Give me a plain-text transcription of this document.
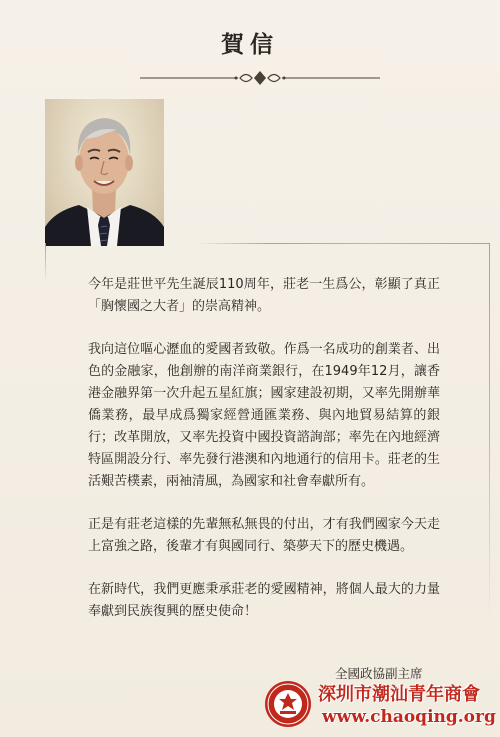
賀信

今年是莊世平先生誕辰110周年，莊老一生爲公，彰顯了真正「胸懷國之大者」的崇高精神。

我向這位嘔心瀝血的愛國者致敬。作爲一名成功的創業者、出色的金融家，他創辦的南洋商業銀行，在1949年12月，讓香港金融界第一次升起五星紅旗；國家建設初期，又率先開辦華僑業務，最早成爲獨家經營通匯業務、與內地貿易結算的銀行；改革開放，又率先投資中國投資諮詢部；率先在內地經濟特區開設分行、率先發行港澳和內地通行的信用卡。莊老的生活艱苦樸素，兩袖清風，為國家和社會奉獻所有。

正是有莊老這樣的先輩無私無畏的付出，才有我們國家今天走上富強之路，後輩才有與國同行、築夢天下的歷史機遇。

在新時代，我們更應秉承莊老的愛國精神，將個人最大的力量奉獻到民族復興的歷史使命！

全國政協副主席
深圳市潮汕青年商會
www.chaoqing.org
